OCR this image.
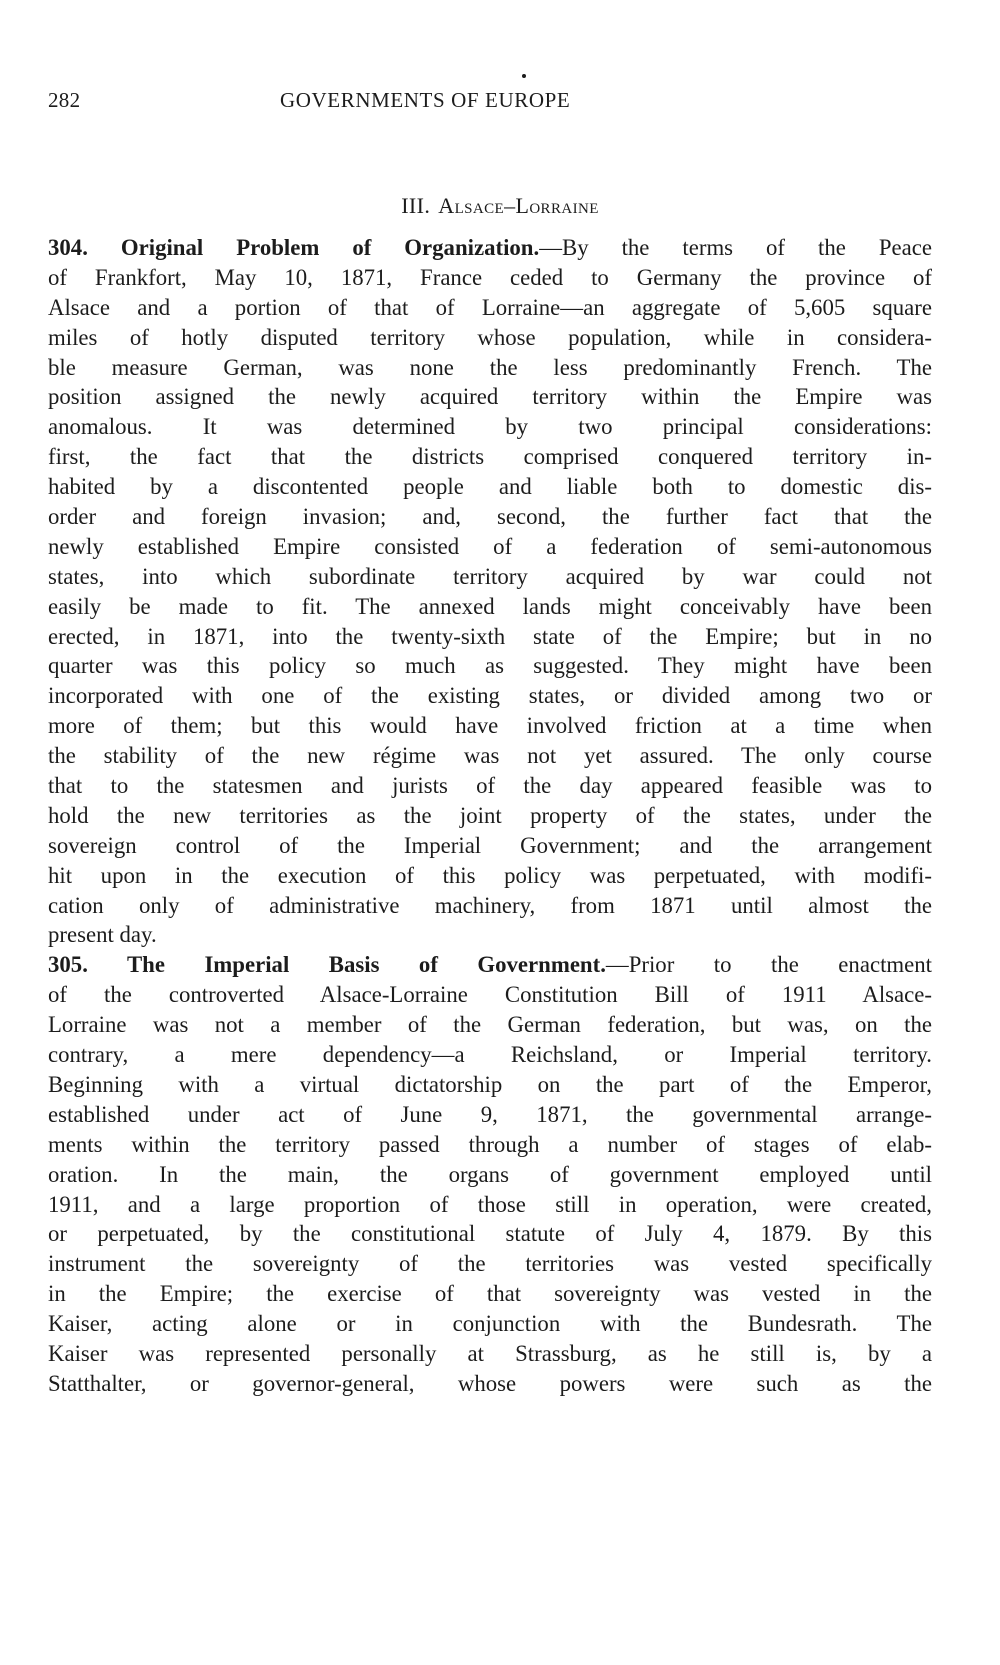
282	GOVERNMENTS OF EUROPE
III. Alsace–Lorraine
304. Original Problem of Organization.—By the terms of the Peace
of Frankfort, May 10, 1871, France ceded to Germany the province of
Alsace and a portion of that of Lorraine—an aggregate of 5,605 square
miles of hotly disputed territory whose population, while in considera-
ble measure German, was none the less predominantly French. The
position assigned the newly acquired territory within the Empire was
anomalous. It was determined by two principal considerations:
first, the fact that the districts comprised conquered territory in-
habited by a discontented people and liable both to domestic dis-
order and foreign invasion; and, second, the further fact that the
newly established Empire consisted of a federation of semi-autonomous
states, into which subordinate territory acquired by war could not
easily be made to fit. The annexed lands might conceivably have been
erected, in 1871, into the twenty-sixth state of the Empire; but in no
quarter was this policy so much as suggested. They might have been
incorporated with one of the existing states, or divided among two or
more of them; but this would have involved friction at a time when
the stability of the new régime was not yet assured. The only course
that to the statesmen and jurists of the day appeared feasible was to
hold the new territories as the joint property of the states, under the
sovereign control of the Imperial Government; and the arrangement
hit upon in the execution of this policy was perpetuated, with modifi-
cation only of administrative machinery, from 1871 until almost the
present day.
305. The Imperial Basis of Government.—Prior to the enactment
of the controverted Alsace-Lorraine Constitution Bill of 1911 Alsace-
Lorraine was not a member of the German federation, but was, on the
contrary, a mere dependency—a Reichsland, or Imperial territory.
Beginning with a virtual dictatorship on the part of the Emperor,
established under act of June 9, 1871, the governmental arrange-
ments within the territory passed through a number of stages of elab-
oration. In the main, the organs of government employed until
1911, and a large proportion of those still in operation, were created,
or perpetuated, by the constitutional statute of July 4, 1879. By this
instrument the sovereignty of the territories was vested specifically
in the Empire; the exercise of that sovereignty was vested in the
Kaiser, acting alone or in conjunction with the Bundesrath. The
Kaiser was represented personally at Strassburg, as he still is, by a
Statthalter, or governor-general, whose powers were such as the
